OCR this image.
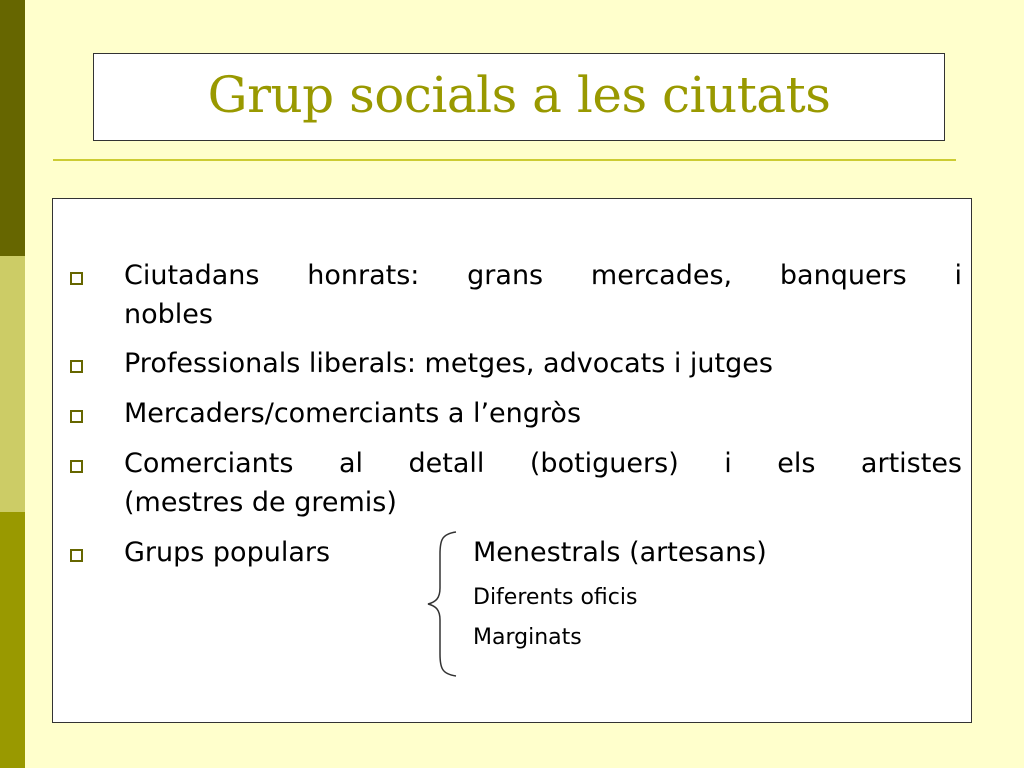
Grup socials a les ciutats
Ciutadans honrats: grans mercades, banquers i
nobles
Professionals liberals: metges, advocats i jutges
Mercaders/comerciants a l’engròs
Comerciants al detall (botiguers) i els artistes
(mestres de gremis)
Grups populars	Menestrals (artesans)
Diferents oficis
Marginats
